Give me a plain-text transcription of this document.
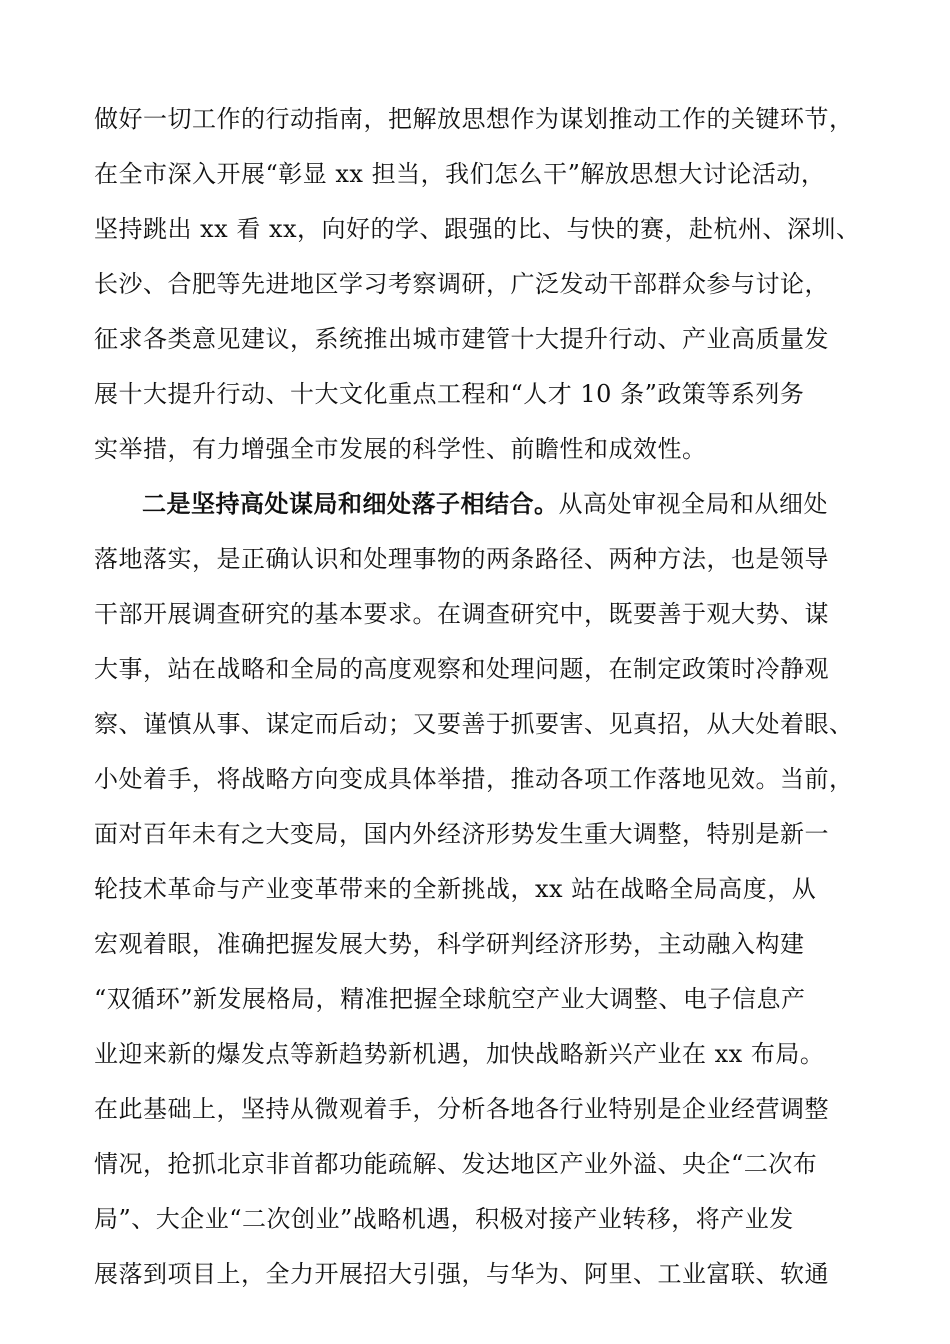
做好一切工作的行动指南，把解放思想作为谋划推动工作的关键环节，
在全市深入开展“彰显 xx 担当，我们怎么干”解放思想大讨论活动，
坚持跳出 xx 看 xx，向好的学、跟强的比、与快的赛，赴杭州、深圳、
长沙、合肥等先进地区学习考察调研，广泛发动干部群众参与讨论，
征求各类意见建议，系统推出城市建管十大提升行动、产业高质量发
展十大提升行动、十大文化重点工程和“人才 10 条”政策等系列务
实举措，有力增强全市发展的科学性、前瞻性和成效性。
二是坚持高处谋局和细处落子相结合。从高处审视全局和从细处
落地落实，是正确认识和处理事物的两条路径、两种方法，也是领导
干部开展调查研究的基本要求。在调查研究中，既要善于观大势、谋
大事，站在战略和全局的高度观察和处理问题，在制定政策时冷静观
察、谨慎从事、谋定而后动；又要善于抓要害、见真招，从大处着眼、
小处着手，将战略方向变成具体举措，推动各项工作落地见效。当前，
面对百年未有之大变局，国内外经济形势发生重大调整，特别是新一
轮技术革命与产业变革带来的全新挑战，xx 站在战略全局高度，从
宏观着眼，准确把握发展大势，科学研判经济形势，主动融入构建
“双循环”新发展格局，精准把握全球航空产业大调整、电子信息产
业迎来新的爆发点等新趋势新机遇，加快战略新兴产业在 xx 布局。
在此基础上，坚持从微观着手，分析各地各行业特别是企业经营调整
情况，抢抓北京非首都功能疏解、发达地区产业外溢、央企“二次布
局”、大企业“二次创业”战略机遇，积极对接产业转移，将产业发
展落到项目上，全力开展招大引强，与华为、阿里、工业富联、软通
